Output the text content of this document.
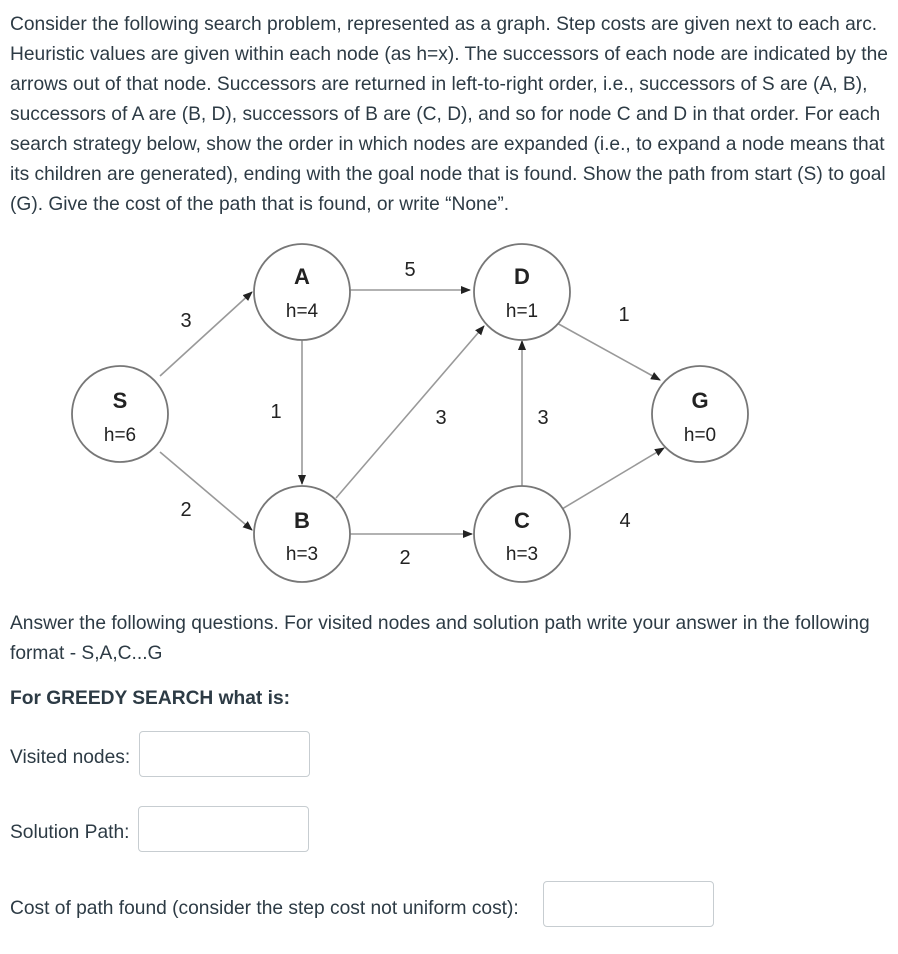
Consider the following search problem, represented as a graph. Step costs are given next to each arc. Heuristic values are given within each node (as h=x). The successors of each node are indicated by the arrows out of that node. Successors are returned in left-to-right order, i.e., successors of S are (A, B), successors of A are (B, D), successors of B are (C, D), and so for node C and D in that order. For each search strategy below, show the order in which nodes are expanded (i.e., to expand a node means that its children are generated), ending with the goal node that is found. Show the path from start (S) to goal (G). Give the cost of the path that is found, or write “None”.

3
2
1
5
2
3	3
1
4
S
h=6
A
h=4
D
h=1
B
h=3
C
h=3
G
h=0

Answer the following questions. For visited nodes and solution path write your answer in the following format - S,A,C...G

For GREEDY SEARCH what is:

Visited nodes:
Solution Path:
Cost of path found (consider the step cost not uniform cost):
